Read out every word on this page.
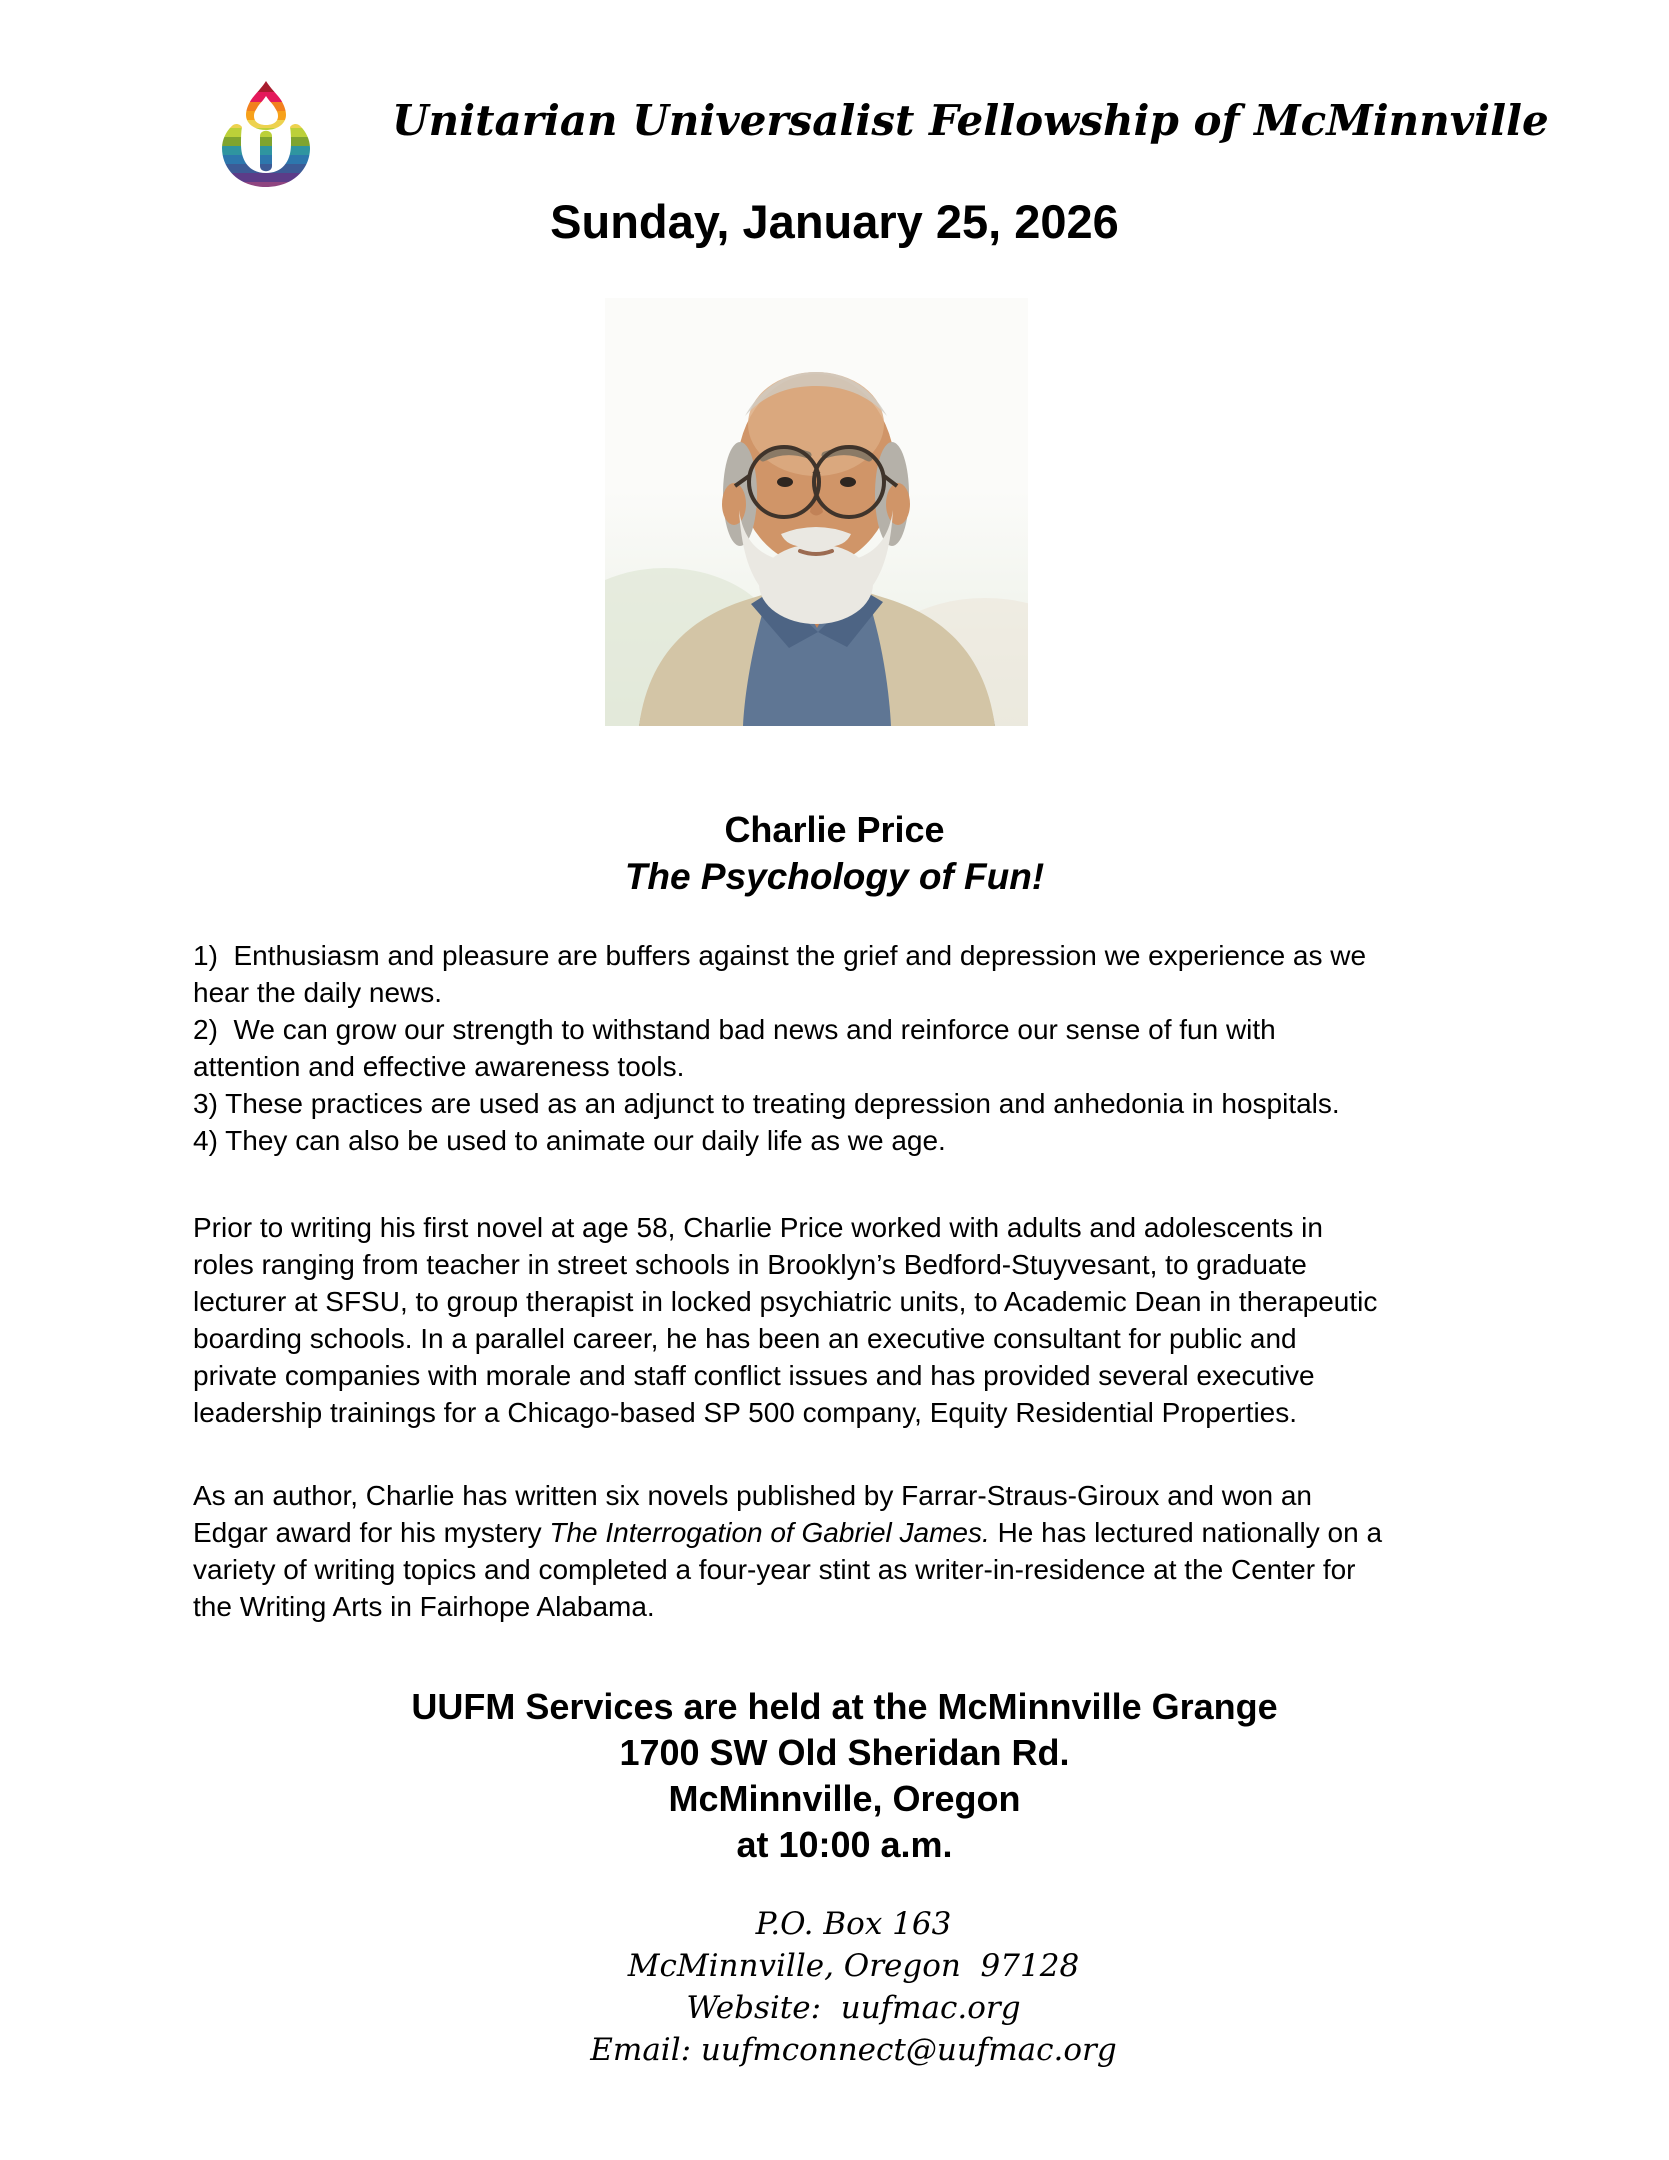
Unitarian Universalist Fellowship of McMinnville
Sunday, January 25, 2026
Charlie Price
The Psychology of Fun!
1)  Enthusiasm and pleasure are buffers against the grief and depression we experience as we
hear the daily news.
2)  We can grow our strength to withstand bad news and reinforce our sense of fun with
attention and effective awareness tools.
3) These practices are used as an adjunct to treating depression and anhedonia in hospitals.
4) They can also be used to animate our daily life as we age.
Prior to writing his first novel at age 58, Charlie Price worked with adults and adolescents in
roles ranging from teacher in street schools in Brooklyn’s Bedford-Stuyvesant, to graduate
lecturer at SFSU, to group therapist in locked psychiatric units, to Academic Dean in therapeutic
boarding schools. In a parallel career, he has been an executive consultant for public and
private companies with morale and staff conflict issues and has provided several executive
leadership trainings for a Chicago-based SP 500 company, Equity Residential Properties.
As an author, Charlie has written six novels published by Farrar-Straus-Giroux and won an
Edgar award for his mystery The Interrogation of Gabriel James. He has lectured nationally on a
variety of writing topics and completed a four-year stint as writer-in-residence at the Center for
the Writing Arts in Fairhope Alabama.
UUFM Services are held at the McMinnville Grange
1700 SW Old Sheridan Rd.
McMinnville, Oregon
at 10:00 a.m.
P.O. Box 163
McMinnville, Oregon  97128
Website:  uufmac.org
Email: uufmconnect@uufmac.org
